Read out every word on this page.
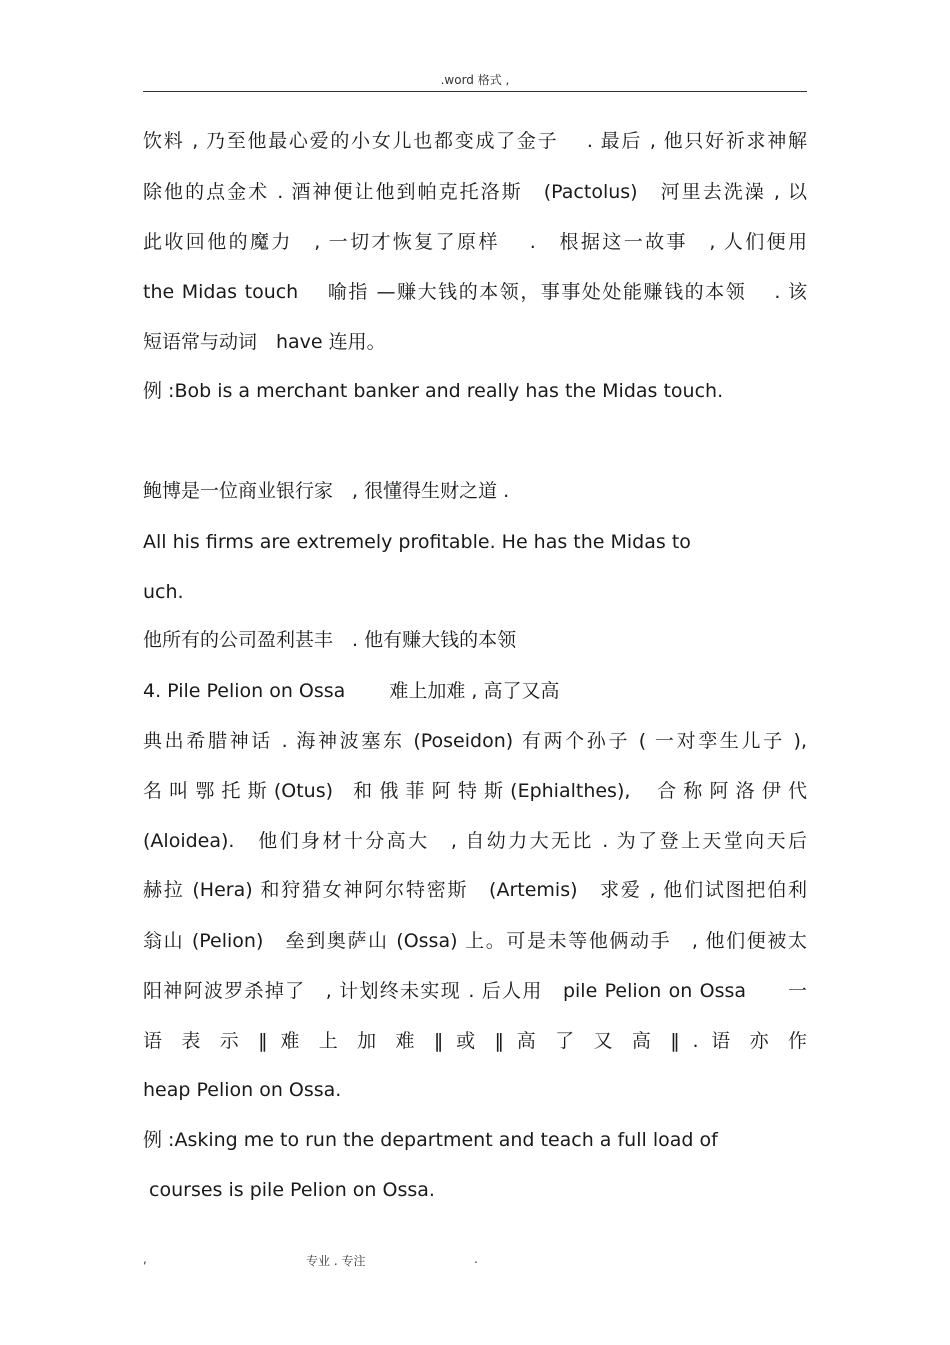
.word 格式 ,
饮料 , 乃至他最心爱的小女儿也都变成了金子　 . 最后 , 他只好祈求神解
除他的点金术 . 酒神便让他到帕克托洛斯　(Pactolus)　河里去洗澡 , 以
此收回他的魔力　, 一切才恢复了原样　 .　根据这一故事　, 人们便用
the Midas touch　 喻指 —赚大钱的本领，事事处处能赚钱的本领　 . 该
短语常与动词　have 连用。
例 :Bob is a merchant banker and really has the Midas touch.
鲍博是一位商业银行家　, 很懂得生财之道 .
All his firms are extremely profitable. He has the Midas to
uch.
他所有的公司盈利甚丰　. 他有赚大钱的本领
4. Pile Pelion on Ossa　　 难上加难 , 高了又高
典出希腊神话 . 海神波塞东 (Poseidon) 有两个孙子 ( 一对孪生儿子 ),
名 叫 鄂 托 斯 (Otus)　和 俄 菲 阿 特 斯 (Ephialthes),　 合 称 阿 洛 伊 代
(Aloidea).　他们身材十分高大　, 自幼力大无比 . 为了登上天堂向天后
赫拉 (Hera) 和狩猎女神阿尔特密斯　(Artemis)　求爱 , 他们试图把伯利
翁山 (Pelion)　垒到奥萨山 (Ossa) 上。可是未等他俩动手　, 他们便被太
阳神阿波罗杀掉了　, 计划终未实现 . 后人用　pile Pelion on Ossa　　一
语 表 示 ‖ 难 上 加 难 ‖ 或 ‖ 高 了 又 高 ‖ . 语 亦 作
heap Pelion on Ossa.
例 :Asking me to run the department and teach a full load of
courses is pile Pelion on Ossa.
,	专业 . 专注	.
